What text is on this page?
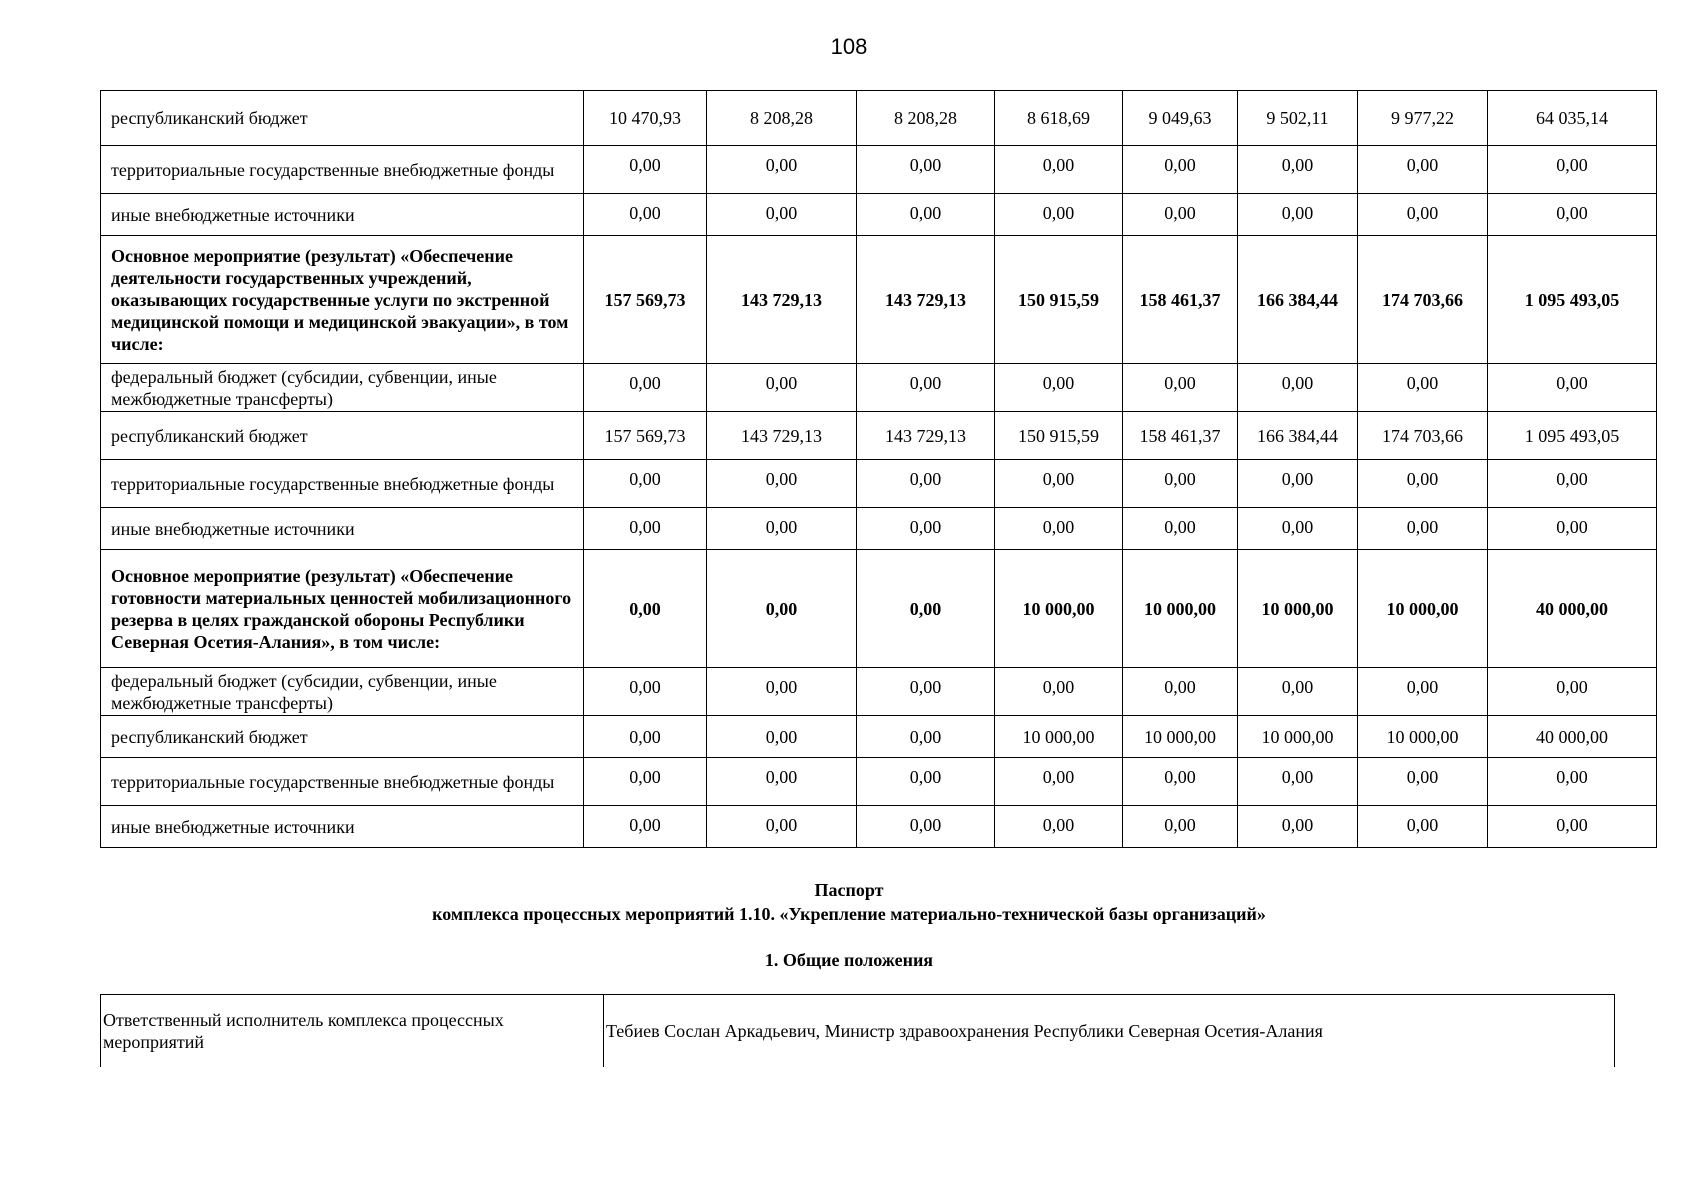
108
республиканский бюджет	10 470,93	8 208,28	8 208,28	8 618,69	9 049,63	9 502,11	9 977,22	64 035,14
территориальные государственные внебюджетные фонды	0,00	0,00	0,00	0,00	0,00	0,00	0,00	0,00
иные внебюджетные источники	0,00	0,00	0,00	0,00	0,00	0,00	0,00	0,00
Основное мероприятие (результат) «Обеспечение деятельности государственных учреждений, оказывающих государственные услуги по экстренной медицинской помощи и медицинской эвакуации», в том числе:	157 569,73	143 729,13	143 729,13	150 915,59	158 461,37	166 384,44	174 703,66	1 095 493,05
федеральный бюджет (субсидии, субвенции, иные межбюджетные трансферты)	0,00	0,00	0,00	0,00	0,00	0,00	0,00	0,00
республиканский бюджет	157 569,73	143 729,13	143 729,13	150 915,59	158 461,37	166 384,44	174 703,66	1 095 493,05
территориальные государственные внебюджетные фонды	0,00	0,00	0,00	0,00	0,00	0,00	0,00	0,00
иные внебюджетные источники	0,00	0,00	0,00	0,00	0,00	0,00	0,00	0,00
Основное мероприятие (результат) «Обеспечение готовности материальных ценностей мобилизационного резерва в целях гражданской обороны Республики Северная Осетия-Алания», в том числе:	0,00	0,00	0,00	10 000,00	10 000,00	10 000,00	10 000,00	40 000,00
федеральный бюджет (субсидии, субвенции, иные межбюджетные трансферты)	0,00	0,00	0,00	0,00	0,00	0,00	0,00	0,00
республиканский бюджет	0,00	0,00	0,00	10 000,00	10 000,00	10 000,00	10 000,00	40 000,00
территориальные государственные внебюджетные фонды	0,00	0,00	0,00	0,00	0,00	0,00	0,00	0,00
иные внебюджетные источники	0,00	0,00	0,00	0,00	0,00	0,00	0,00	0,00
Паспорт
комплекса процессных мероприятий 1.10. «Укрепление материально-технической базы организаций»
1. Общие положения
Ответственный исполнитель комплекса процессных мероприятий	Тебиев Сослан Аркадьевич, Министр здравоохранения Республики Северная Осетия-Алания
